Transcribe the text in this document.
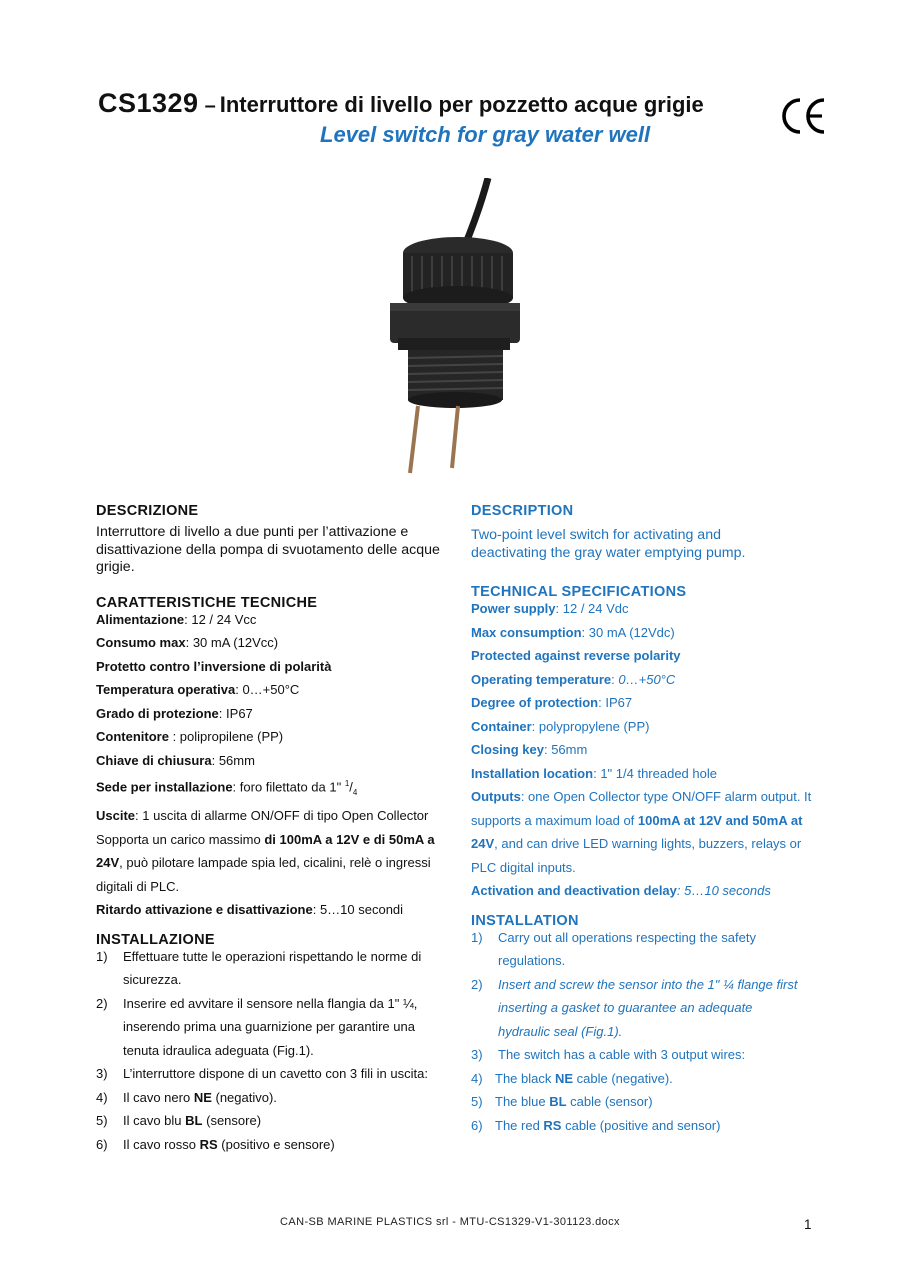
CS1329 – Interruttore di livello per pozzetto acque grigie
Level switch for gray water well
DESCRIZIONE
Interruttore di livello a due punti per l’attivazione e disattivazione della pompa di svuotamento delle acque grigie.
CARATTERISTICHE TECNICHE
Alimentazione: 12 / 24 Vcc
Consumo max: 30 mA (12Vcc)
Protetto contro l’inversione di polarità
Temperatura operativa: 0…+50°C
Grado di protezione: IP67
Contenitore : polipropilene (PP)
Chiave di chiusura: 56mm
Sede per installazione: foro filettato da 1" $^1/_4$
Uscite: 1 uscita di allarme ON/OFF di tipo Open Collector Sopporta un carico massimo di 100mA a 12V e di 50mA a 24V, può pilotare lampade spia led, cicalini, relè o ingressi digitali di PLC.
Ritardo attivazione e disattivazione: 5…10 secondi
INSTALLAZIONE
1) Effettuare tutte le operazioni rispettando le norme di sicurezza.
2) Inserire ed avvitare il sensore nella flangia da 1" ¼, inserendo prima una guarnizione per garantire una tenuta idraulica adeguata (Fig.1).
3) L’interruttore dispone di un cavetto con 3 fili in uscita:
4) Il cavo nero NE (negativo).
5) Il cavo blu BL (sensore)
6) Il cavo rosso RS (positivo e sensore)
DESCRIPTION
Two-point level switch for activating and deactivating the gray water emptying pump.
TECHNICAL SPECIFICATIONS
Power supply: 12 / 24 Vdc
Max consumption: 30 mA (12Vdc)
Protected against reverse polarity
Operating temperature: 0…+50°C
Degree of protection: IP67
Container: polypropylene (PP)
Closing key: 56mm
Installation location: 1" 1/4 threaded hole
Outputs: one Open Collector type ON/OFF alarm output. It supports a maximum load of 100mA at 12V and 50mA at 24V, and can drive LED warning lights, buzzers, relays or PLC digital inputs.
Activation and deactivation delay: 5…10 seconds
INSTALLATION
1) Carry out all operations respecting the safety regulations.
2) Insert and screw the sensor into the 1" ¼ flange first inserting a gasket to guarantee an adequate hydraulic seal (Fig.1).
3) The switch has a cable with 3 output wires:
4) The black NE cable (negative).
5) The blue BL cable (sensor)
6) The red RS cable (positive and sensor)
CAN-SB MARINE PLASTICS srl - MTU-CS1329-V1-301123.docx	1
